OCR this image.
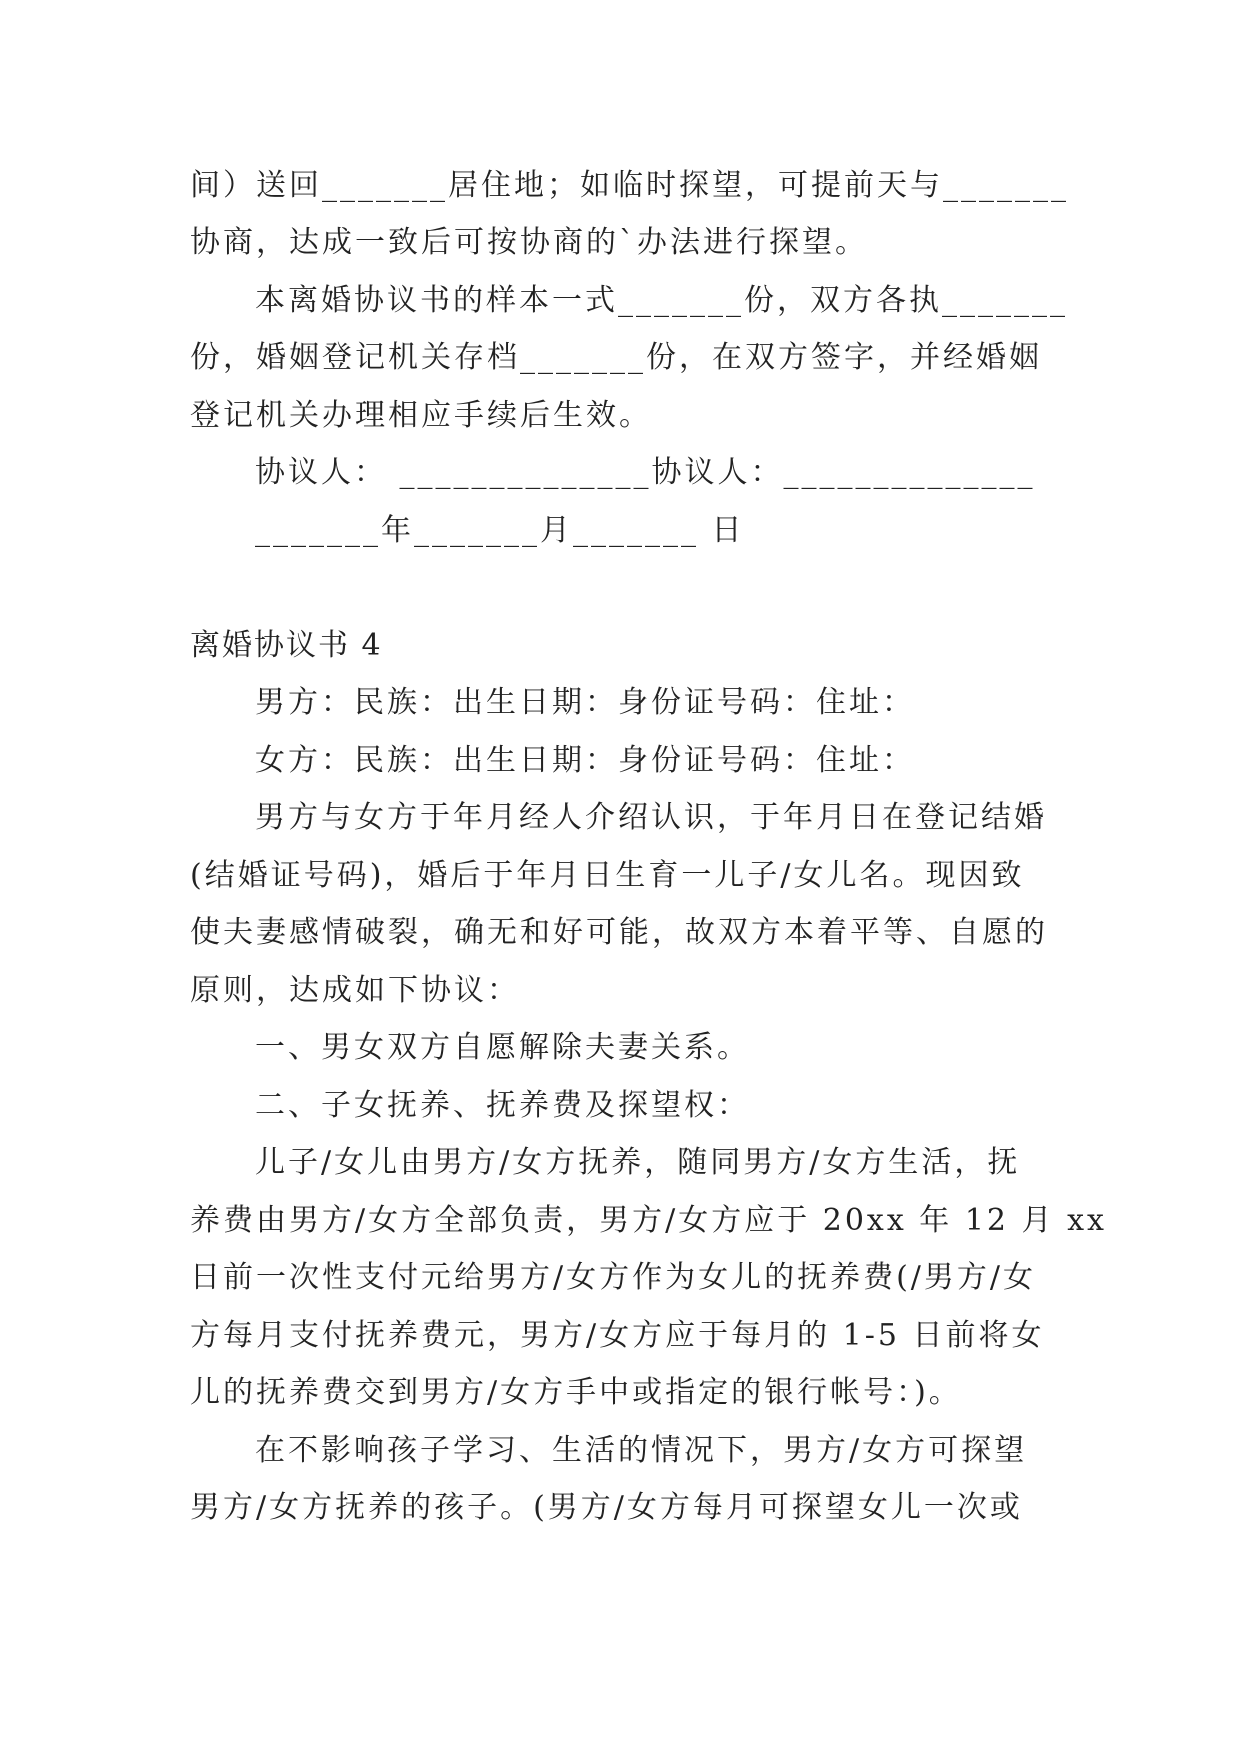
间）送回_______居住地；如临时探望，可提前天与_______
协商，达成一致后可按协商的`办法进行探望。
本离婚协议书的样本一式_______份，双方各执_______
份，婚姻登记机关存档_______份，在双方签字，并经婚姻
登记机关办理相应手续后生效。
协议人： ______________协议人：______________
_______年_______月_______ 日
离婚协议书 4
男方：民族：出生日期：身份证号码：住址：
女方：民族：出生日期：身份证号码：住址：
男方与女方于年月经人介绍认识，于年月日在登记结婚
(结婚证号码)，婚后于年月日生育一儿子/女儿名。现因致
使夫妻感情破裂，确无和好可能，故双方本着平等、自愿的
原则，达成如下协议：
一、男女双方自愿解除夫妻关系。
二、子女抚养、抚养费及探望权：
儿子/女儿由男方/女方抚养，随同男方/女方生活，抚
养费由男方/女方全部负责，男方/女方应于 20xx 年 12 月 xx
日前一次性支付元给男方/女方作为女儿的抚养费(/男方/女
方每月支付抚养费元，男方/女方应于每月的 1-5 日前将女
儿的抚养费交到男方/女方手中或指定的银行帐号：)。
在不影响孩子学习、生活的情况下，男方/女方可探望
男方/女方抚养的孩子。(男方/女方每月可探望女儿一次或
